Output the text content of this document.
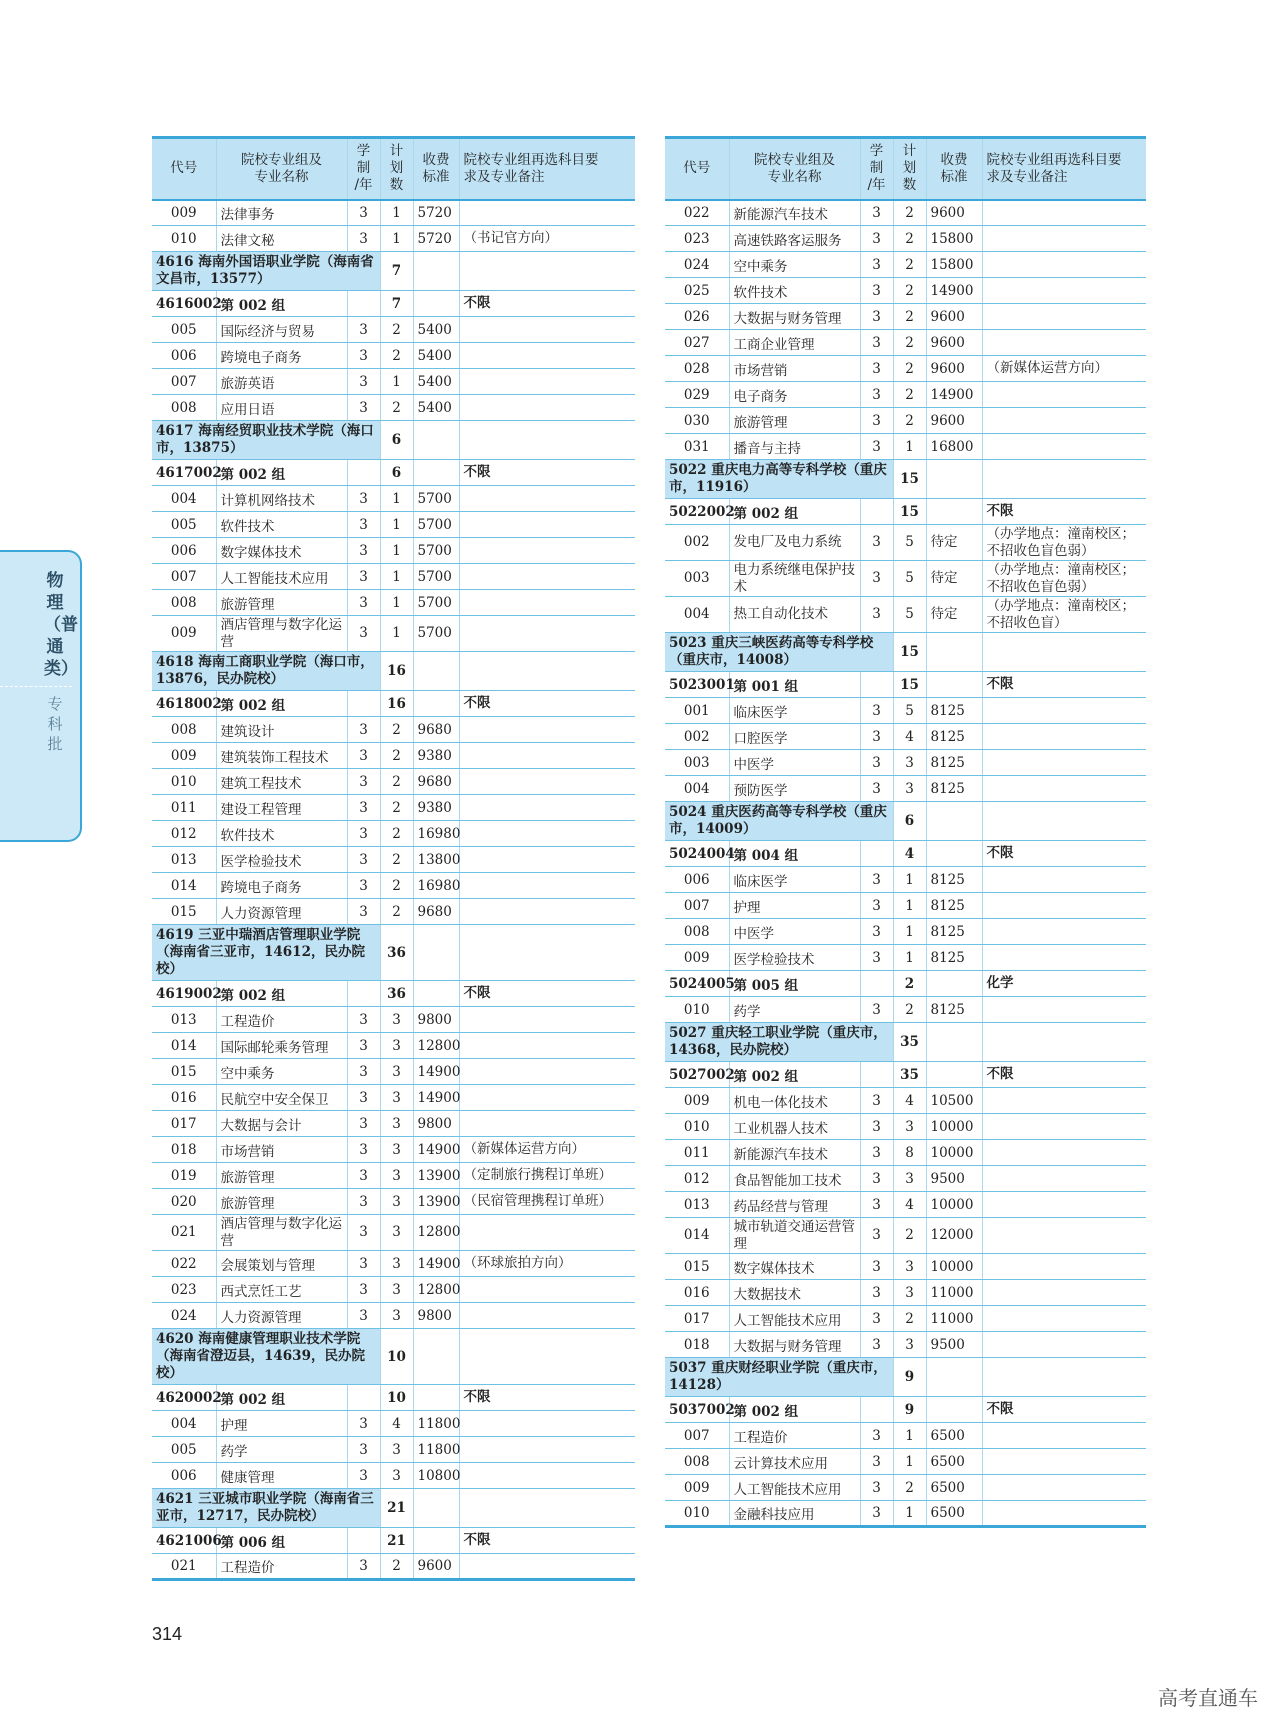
物理（普通类）
专科批
代号	院校专业组及
专业名称	学
制
/年	计
划
数	收费
标准	院校专业组再选科目要
求及专业备注
009	法律事务	3	1	5720	
010	法律文秘	3	1	5720	（书记官方向）
4616 海南外国语职业学院（海南省文昌市，13577）			7		
4616002	第 002 组		7		不限
005	国际经济与贸易	3	2	5400	
006	跨境电子商务	3	2	5400	
007	旅游英语	3	1	5400	
008	应用日语	3	2	5400	
4617 海南经贸职业技术学院（海口市，13875）			6		
4617002	第 002 组		6		不限
004	计算机网络技术	3	1	5700	
005	软件技术	3	1	5700	
006	数字媒体技术	3	1	5700	
007	人工智能技术应用	3	1	5700	
008	旅游管理	3	1	5700	
009	酒店管理与数字化运营	3	1	5700	
4618 海南工商职业学院（海口市，13876，民办院校）			16		
4618002	第 002 组		16		不限
008	建筑设计	3	2	9680	
009	建筑装饰工程技术	3	2	9380	
010	建筑工程技术	3	2	9680	
011	建设工程管理	3	2	9380	
012	软件技术	3	2	16980	
013	医学检验技术	3	2	13800	
014	跨境电子商务	3	2	16980	
015	人力资源管理	3	2	9680	
4619 三亚中瑞酒店管理职业学院（海南省三亚市，14612，民办院校）			36		
4619002	第 002 组		36		不限
013	工程造价	3	3	9800	
014	国际邮轮乘务管理	3	3	12800	
015	空中乘务	3	3	14900	
016	民航空中安全保卫	3	3	14900	
017	大数据与会计	3	3	9800	
018	市场营销	3	3	14900	（新媒体运营方向）
019	旅游管理	3	3	13900	（定制旅行携程订单班）
020	旅游管理	3	3	13900	（民宿管理携程订单班）
021	酒店管理与数字化运营	3	3	12800	
022	会展策划与管理	3	3	14900	（环球旅拍方向）
023	西式烹饪工艺	3	3	12800	
024	人力资源管理	3	3	9800	
4620 海南健康管理职业技术学院（海南省澄迈县，14639，民办院校）			10		
4620002	第 002 组		10		不限
004	护理	3	4	11800	
005	药学	3	3	11800	
006	健康管理	3	3	10800	
4621 三亚城市职业学院（海南省三亚市，12717，民办院校）			21		
4621006	第 006 组		21		不限
021	工程造价	3	2	9600	
代号	院校专业组及
专业名称	学
制
/年	计
划
数	收费
标准	院校专业组再选科目要
求及专业备注
022	新能源汽车技术	3	2	9600	
023	高速铁路客运服务	3	2	15800	
024	空中乘务	3	2	15800	
025	软件技术	3	2	14900	
026	大数据与财务管理	3	2	9600	
027	工商企业管理	3	2	9600	
028	市场营销	3	2	9600	（新媒体运营方向）
029	电子商务	3	2	14900	
030	旅游管理	3	2	9600	
031	播音与主持	3	1	16800	
5022 重庆电力高等专科学校（重庆市，11916）			15		
5022002	第 002 组		15		不限
002	发电厂及电力系统	3	5	待定	（办学地点：潼南校区；不招收色盲色弱）
003	电力系统继电保护技术	3	5	待定	（办学地点：潼南校区；不招收色盲色弱）
004	热工自动化技术	3	5	待定	（办学地点：潼南校区；不招收色盲）
5023 重庆三峡医药高等专科学校（重庆市，14008）			15		
5023001	第 001 组		15		不限
001	临床医学	3	5	8125	
002	口腔医学	3	4	8125	
003	中医学	3	3	8125	
004	预防医学	3	3	8125	
5024 重庆医药高等专科学校（重庆市，14009）			6		
5024004	第 004 组		4		不限
006	临床医学	3	1	8125	
007	护理	3	1	8125	
008	中医学	3	1	8125	
009	医学检验技术	3	1	8125	
5024005	第 005 组		2		化学
010	药学	3	2	8125	
5027 重庆轻工职业学院（重庆市，14368，民办院校）			35		
5027002	第 002 组		35		不限
009	机电一体化技术	3	4	10500	
010	工业机器人技术	3	3	10000	
011	新能源汽车技术	3	8	10000	
012	食品智能加工技术	3	3	9500	
013	药品经营与管理	3	4	10000	
014	城市轨道交通运营管理	3	2	12000	
015	数字媒体技术	3	3	10000	
016	大数据技术	3	3	11000	
017	人工智能技术应用	3	2	11000	
018	大数据与财务管理	3	3	9500	
5037 重庆财经职业学院（重庆市，14128）			9		
5037002	第 002 组		9		不限
007	工程造价	3	1	6500	
008	云计算技术应用	3	1	6500	
009	人工智能技术应用	3	2	6500	
010	金融科技应用	3	1	6500	
314
高考直通车
